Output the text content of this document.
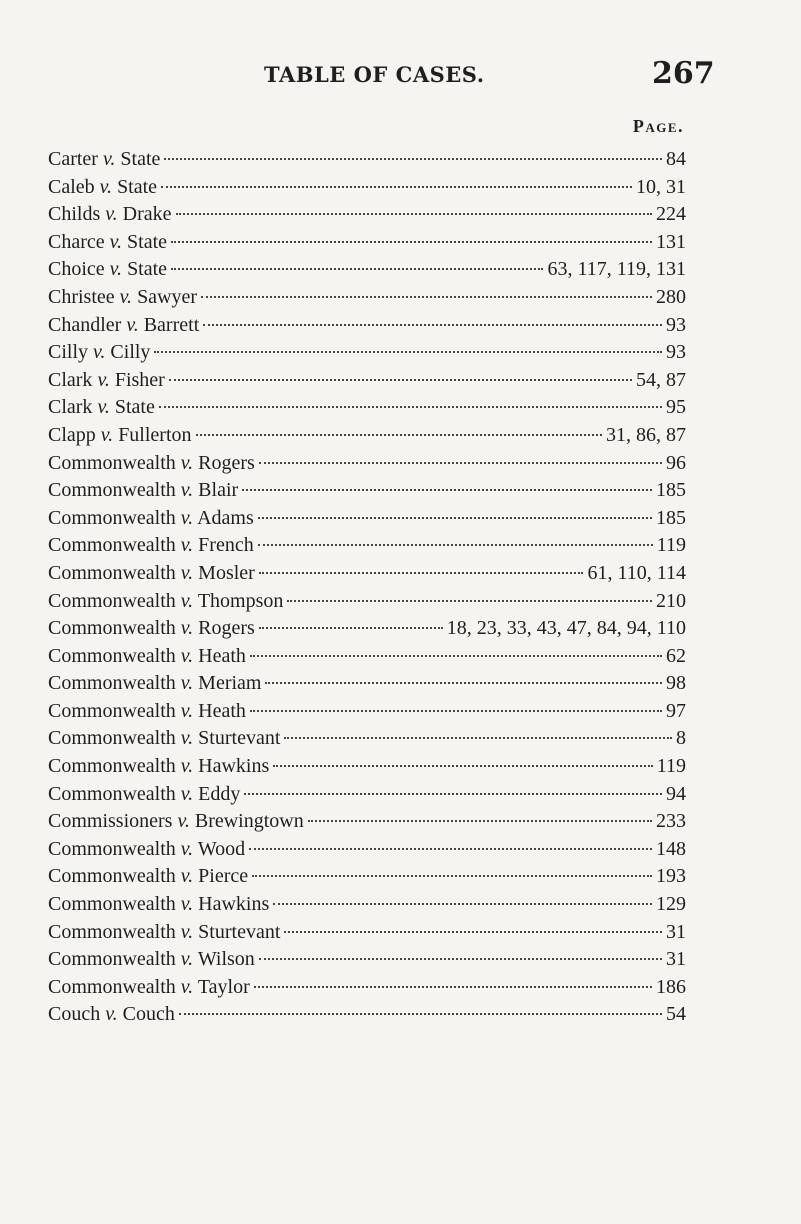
TABLE OF CASES.	267
Page.
Carter v. State	84
Caleb v. State	10, 31
Childs v. Drake	224
Charce v. State	131
Choice v. State	63, 117, 119, 131
Christee v. Sawyer	280
Chandler v. Barrett	93
Cilly v. Cilly	93
Clark v. Fisher	54, 87
Clark v. State	95
Clapp v. Fullerton	31, 86, 87
Commonwealth v. Rogers	96
Commonwealth v. Blair	185
Commonwealth v. Adams	185
Commonwealth v. French	119
Commonwealth v. Mosler	61, 110, 114
Commonwealth v. Thompson	210
Commonwealth v. Rogers	18, 23, 33, 43, 47, 84, 94, 110
Commonwealth v. Heath	62
Commonwealth v. Meriam	98
Commonwealth v. Heath	97
Commonwealth v. Sturtevant	8
Commonwealth v. Hawkins	119
Commonwealth v. Eddy	94
Commissioners v. Brewingtown	233
Commonwealth v. Wood	148
Commonwealth v. Pierce	193
Commonwealth v. Hawkins	129
Commonwealth v. Sturtevant	31
Commonwealth v. Wilson	31
Commonwealth v. Taylor	186
Couch v. Couch	54
